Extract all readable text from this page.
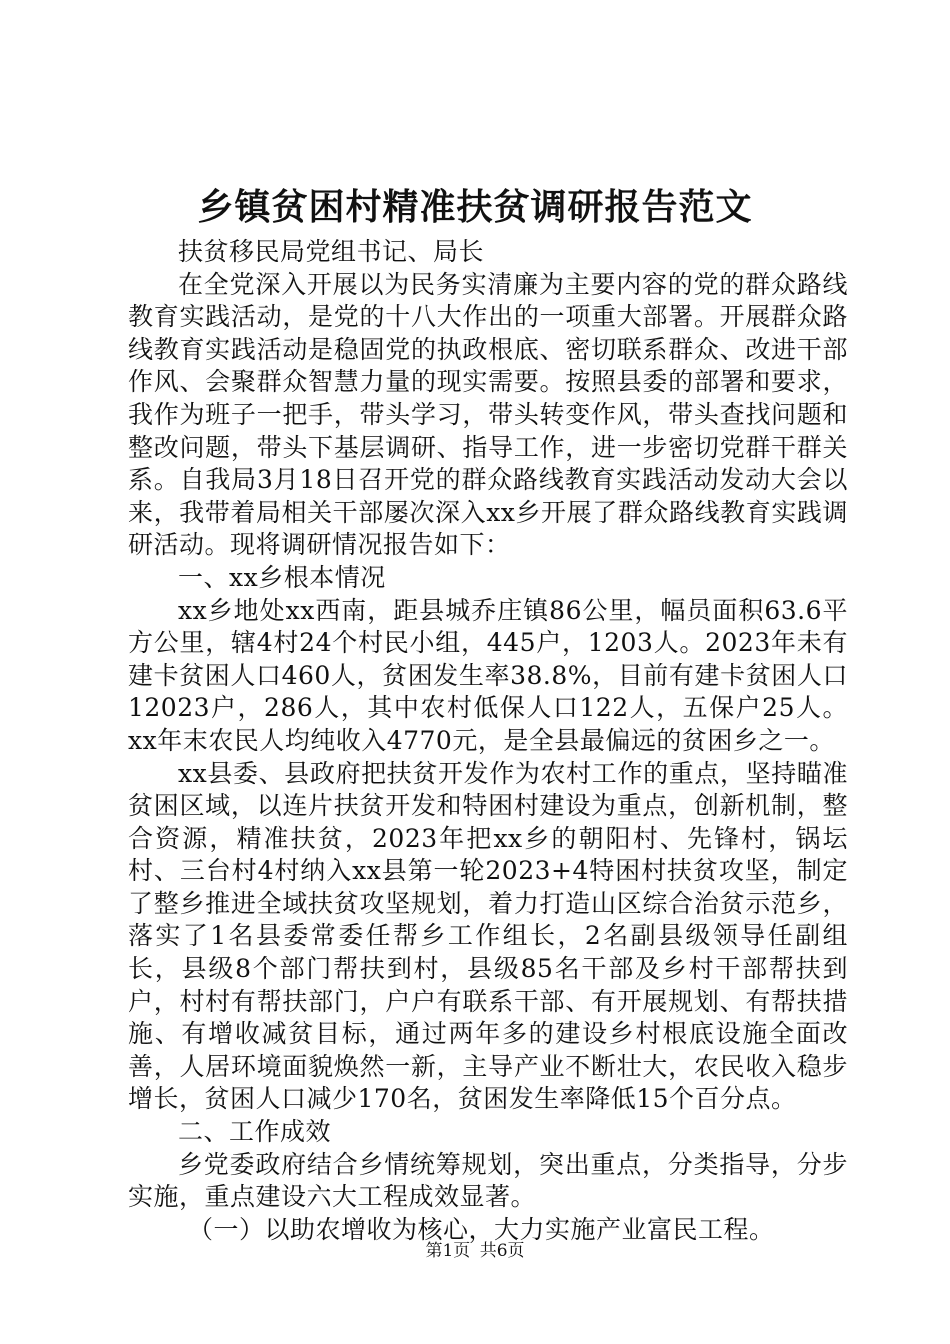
乡镇贫困村精准扶贫调研报告范文

扶贫移民局党组书记、局长

在全党深入开展以为民务实清廉为主要内容的党的群众路线教育实践活动，是党的十八大作出的一项重大部署。开展群众路线教育实践活动是稳固党的执政根底、密切联系群众、改进干部作风、会聚群众智慧力量的现实需要。按照县委的部署和要求，我作为班子一把手，带头学习，带头转变作风，带头查找问题和整改问题，带头下基层调研、指导工作，进一步密切党群干群关系。自我局3月18日召开党的群众路线教育实践活动发动大会以来，我带着局相关干部屡次深入xx乡开展了群众路线教育实践调研活动。现将调研情况报告如下：

一、xx乡根本情况

xx乡地处xx西南，距县城乔庄镇86公里，幅员面积63.6平方公里，辖4村24个村民小组，445户，1203人。2023年未有建卡贫困人口460人，贫困发生率38.8%，目前有建卡贫困人口12023户，286人，其中农村低保人口122人，五保户25人。xx年末农民人均纯收入4770元，是全县最偏远的贫困乡之一。

xx县委、县政府把扶贫开发作为农村工作的重点，坚持瞄准贫困区域，以连片扶贫开发和特困村建设为重点，创新机制，整合资源，精准扶贫，2023年把xx乡的朝阳村、先锋村，锅坛村、三台村4村纳入xx县第一轮2023+4特困村扶贫攻坚，制定了整乡推进全域扶贫攻坚规划，着力打造山区综合治贫示范乡，落实了1名县委常委任帮乡工作组长，2名副县级领导任副组长，县级8个部门帮扶到村，县级85名干部及乡村干部帮扶到户，村村有帮扶部门，户户有联系干部、有开展规划、有帮扶措施、有增收减贫目标，通过两年多的建设乡村根底设施全面改善，人居环境面貌焕然一新，主导产业不断壮大，农民收入稳步增长，贫困人口减少170名，贫困发生率降低15个百分点。

二、工作成效

乡党委政府结合乡情统筹规划，突出重点，分类指导，分步实施，重点建设六大工程成效显著。

（一）以助农增收为核心，大力实施产业富民工程。

第1页 共6页
